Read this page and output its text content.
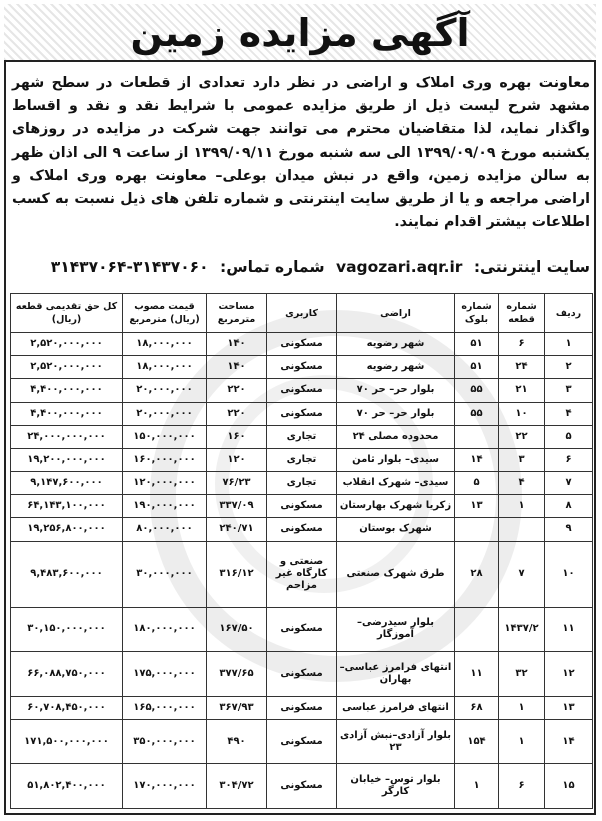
آگهی مزایده زمین
معاونت بهره وری املاک و اراضی در نظر دارد تعدادی از قطعات در سطح شهر مشهد شرح لیست ذیل از طریق مزایده عمومی با شرایط نقد و نقد و اقساط واگذار نماید، لذا متقاضیان محترم می توانند جهت شرکت در مزایده در روزهای یکشنبه مورخ ۱۳۹۹/۰۹/۰۹ الی سه شنبه مورخ ۱۳۹۹/۰۹/۱۱ از ساعت ۹ الی اذان ظهر به سالن مزایده زمین، واقع در نبش میدان بوعلی– معاونت بهره وری املاک و اراضی مراجعه و یا از طریق سایت اینترنتی و شماره تلفن های ذیل نسبت به کسب اطلاعات بیشتر اقدام نمایند.
سایت اینترنتی: vagozari.aqr.ir شماره تماس: ۳۱۴۳۷۰۶۰-۳۱۴۳۷۰۶۴
ردیف	شماره قطعه	شماره بلوک	اراضی	کاربری	مساحت مترمربع	قیمت مصوب (ریال) مترمربع	کل حق تقدیمی قطعه (ریال)
۱	۶	۵۱	شهر رضویه	مسکونی	۱۴۰	۱۸,۰۰۰,۰۰۰	۲,۵۲۰,۰۰۰,۰۰۰
۲	۲۴	۵۱	شهر رضویه	مسکونی	۱۴۰	۱۸,۰۰۰,۰۰۰	۲,۵۲۰,۰۰۰,۰۰۰
۳	۲۱	۵۵	بلوار حر– حر ۷۰	مسکونی	۲۲۰	۲۰,۰۰۰,۰۰۰	۴,۴۰۰,۰۰۰,۰۰۰
۴	۱۰	۵۵	بلوار حر– حر ۷۰	مسکونی	۲۲۰	۲۰,۰۰۰,۰۰۰	۴,۴۰۰,۰۰۰,۰۰۰
۵	۲۲		محدوده مصلی ۲۴	تجاری	۱۶۰	۱۵۰,۰۰۰,۰۰۰	۲۴,۰۰۰,۰۰۰,۰۰۰
۶	۳	۱۴	سیدی– بلوار ثامن	تجاری	۱۲۰	۱۶۰,۰۰۰,۰۰۰	۱۹,۲۰۰,۰۰۰,۰۰۰
۷	۴	۵	سیدی– شهرک انقلاب	تجاری	۷۶/۲۳	۱۲۰,۰۰۰,۰۰۰	۹,۱۴۷,۶۰۰,۰۰۰
۸	۱	۱۳	زکریا شهرک بهارستان	مسکونی	۳۳۷/۰۹	۱۹۰,۰۰۰,۰۰۰	۶۴,۱۴۳,۱۰۰,۰۰۰
۹			شهرک بوستان	مسکونی	۲۴۰/۷۱	۸۰,۰۰۰,۰۰۰	۱۹,۲۵۶,۸۰۰,۰۰۰
۱۰	۷	۲۸	طرق شهرک صنعتی	صنعتی و کارگاه غیر مزاحم	۳۱۶/۱۲	۳۰,۰۰۰,۰۰۰	۹,۴۸۳,۶۰۰,۰۰۰
۱۱	۱۴۳۷/۲		بلوار سیدرضی– آموزگار	مسکونی	۱۶۷/۵۰	۱۸۰,۰۰۰,۰۰۰	۳۰,۱۵۰,۰۰۰,۰۰۰
۱۲	۳۲	۱۱	انتهای فرامرز عباسی– بهاران	مسکونی	۳۷۷/۶۵	۱۷۵,۰۰۰,۰۰۰	۶۶,۰۸۸,۷۵۰,۰۰۰
۱۳	۱	۶۸	انتهای فرامرز عباسی	مسکونی	۳۶۷/۹۳	۱۶۵,۰۰۰,۰۰۰	۶۰,۷۰۸,۴۵۰,۰۰۰
۱۴	۱	۱۵۴	بلوار آزادی–نبش آزادی ۲۳	مسکونی	۴۹۰	۳۵۰,۰۰۰,۰۰۰	۱۷۱,۵۰۰,۰۰۰,۰۰۰
۱۵	۶	۱	بلوار توس– خیابان کارگر	مسکونی	۳۰۴/۷۲	۱۷۰,۰۰۰,۰۰۰	۵۱,۸۰۲,۴۰۰,۰۰۰
